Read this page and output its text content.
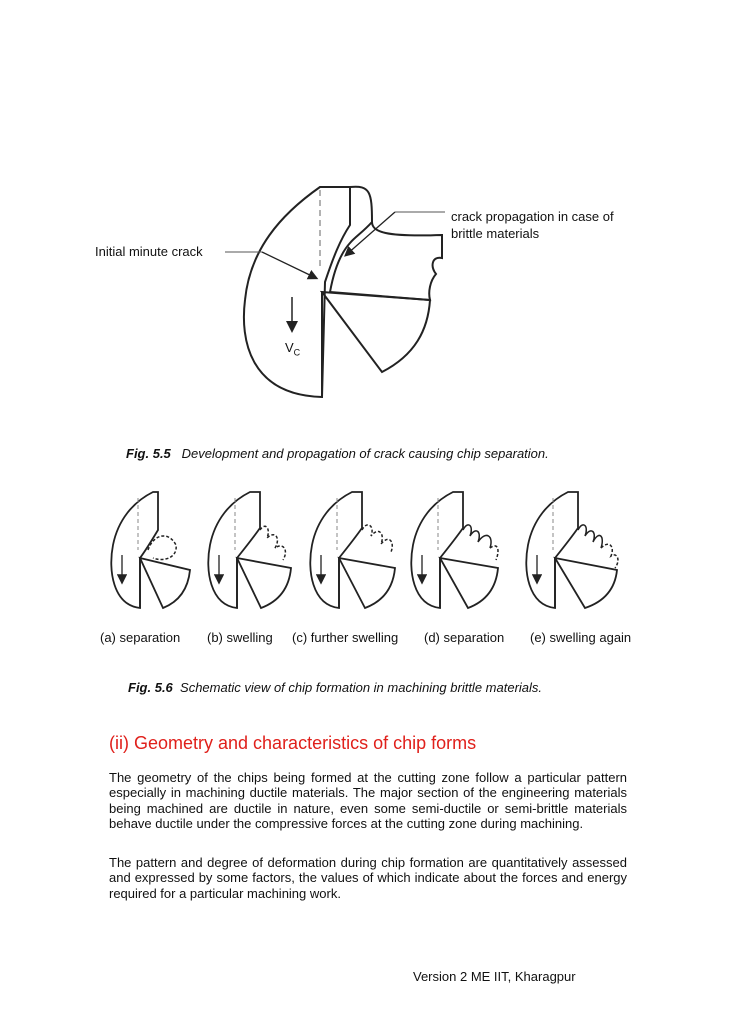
crack propagation in case of
brittle materials
Initial minute crack
$V_C$
Fig. 5.5 Development and propagation of crack causing chip separation.
(a) separation (b) swelling (c) further swelling (d) separation (e) swelling again
Fig. 5.6 Schematic view of chip formation in machining brittle materials.
(ii) Geometry and characteristics of chip forms
The geometry of the chips being formed at the cutting zone follow a particular pattern especially in machining ductile materials. The major section of the engineering materials being machined are ductile in nature, even some semi-ductile or semi-brittle materials behave ductile under the compressive forces at the cutting zone during machining.
The pattern and degree of deformation during chip formation are quantitatively assessed and expressed by some factors, the values of which indicate about the forces and energy required for a particular machining work.
Version 2 ME IIT, Kharagpur
